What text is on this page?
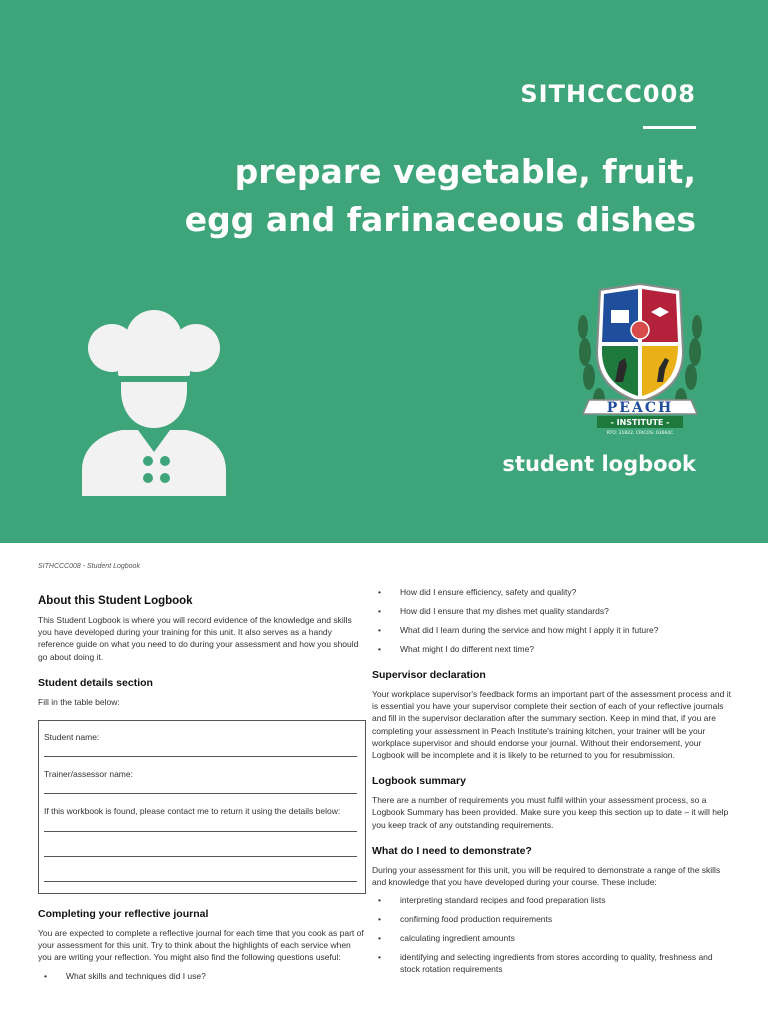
SITHCCC008
prepare vegetable, fruit,
egg and farinaceous dishes
PEACH
- INSTITUTE -
RTO: 31822, CRICOS: 03664C
student logbook
SITHCCC008 - Student Logbook
About this Student Logbook

This Student Logbook is where you will record evidence of the knowledge and skills you have developed during your training for this unit. It also serves as a handy reference guide on what you need to do during your assessment and how you should go about doing it.

Student details section

Fill in the table below:

Student name:

Trainer/assessor name:

If this workbook is found, please contact me to return it using the details below:

Completing your reflective journal

You are expected to complete a reflective journal for each time that you cook as part of your assessment for this unit. Try to think about the highlights of each service when you are writing your reflection. You might also find the following questions useful:

• What skills and techniques did I use?
• How did I ensure efficiency, safety and quality?
• How did I ensure that my dishes met quality standards?
• What did I learn during the service and how might I apply it in future?
• What might I do different next time?
Supervisor declaration

Your workplace supervisor's feedback forms an important part of the assessment process and it is essential you have your supervisor complete their section of each of your reflective journals and fill in the supervisor declaration after the summary section. Keep in mind that, if you are completing your assessment in Peach Institute's training kitchen, your trainer will be your workplace supervisor and should endorse your journal. Without their endorsement, your Logbook will be incomplete and it is likely to be returned to you for resubmission.

Logbook summary

There are a number of requirements you must fulfil within your assessment process, so a Logbook Summary has been provided. Make sure you keep this section up to date – it will help you keep track of any outstanding requirements.

What do I need to demonstrate?

During your assessment for this unit, you will be required to demonstrate a range of the skills and knowledge that you have developed during your course. These include:

• interpreting standard recipes and food preparation lists
• confirming food production requirements
• calculating ingredient amounts
• identifying and selecting ingredients from stores according to quality, freshness and stock rotation requirements
